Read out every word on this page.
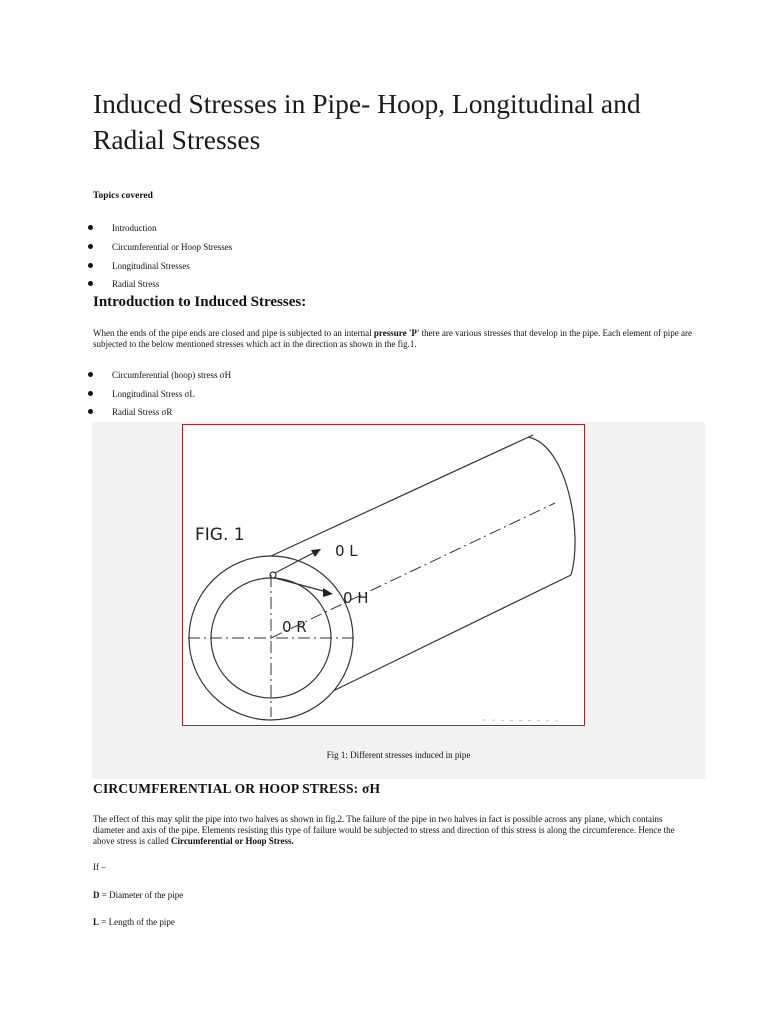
Induced Stresses in Pipe- Hoop, Longitudinal and Radial Stresses

Topics covered

Introduction
Circumferential or Hoop Stresses
Longitudinal Stresses
Radial Stress
Introduction to Induced Stresses:

When the ends of the pipe ends are closed and pipe is subjected to an internal pressure 'P' there are various stresses that develop in the pipe. Each element of pipe are subjected to the below mentioned stresses which act in the direction as shown in the fig.1.

Circumferential (hoop) stress σH
Longitudinal Stress σL
Radial Stress σR
FIG. 1
0 L
0 H
0 R
Fig 1: Different stresses induced in pipe
CIRCUMFERENTIAL OR HOOP STRESS: σH

The effect of this may split the pipe into two halves as shown in fig.2. The failure of the pipe in two halves in fact is possible across any plane, which contains diameter and axis of the pipe. Elements resisting this type of failure would be subjected to stress and direction of this stress is along the circumference. Hence the above stress is called Circumferential or Hoop Stress.

If –

D = Diameter of the pipe

L = Length of the pipe
